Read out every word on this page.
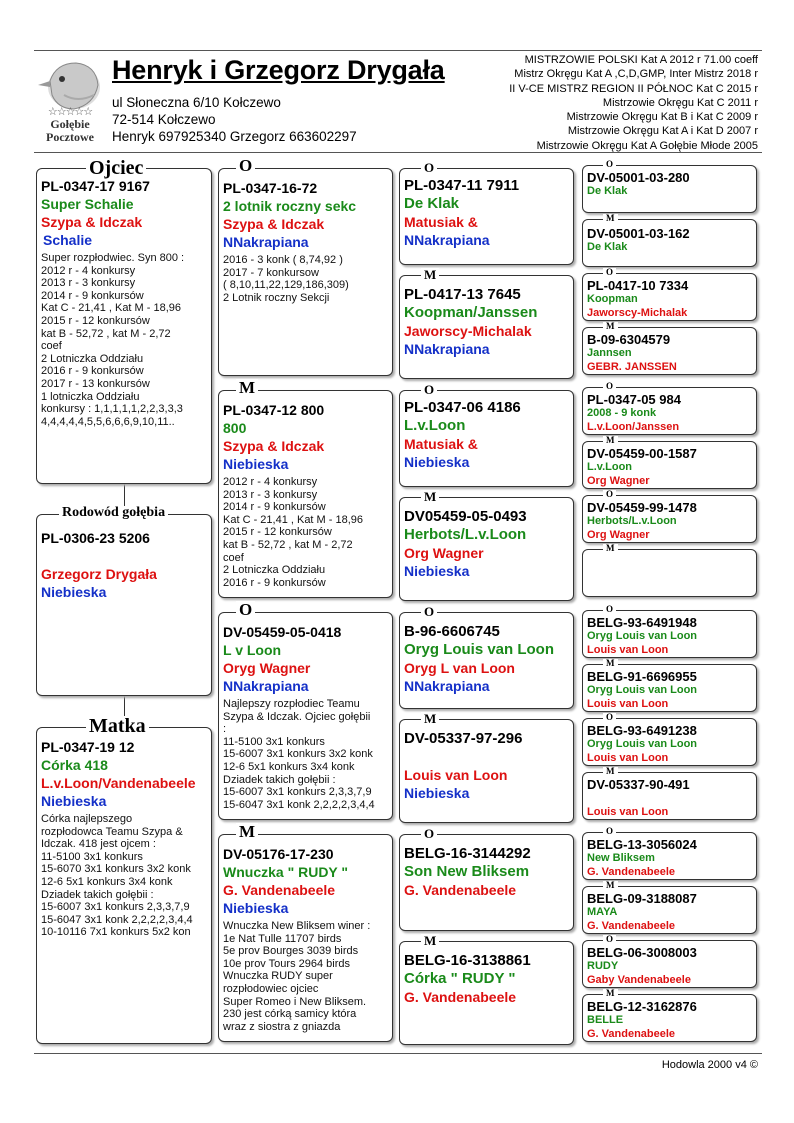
☆☆☆☆☆
Gołębie
Pocztowe
Henryk i Grzegorz Drygała
ul Słoneczna 6/10 Kołczewo
72-514 Kołczewo
Henryk 697925340 Grzegorz 663602297
MISTRZOWIE POLSKI Kat A 2012 r 71.00 coeff
Mistrz Okręgu Kat A ,C,D,GMP, Inter Mistrz 2018 r
II V-CE MISTRZ REGION II PÓŁNOC Kat C 2015 r
Mistrzowie Okręgu Kat C 2011 r
Mistrzowie Okręgu Kat B i Kat C 2009 r
Mistrzowie Okręgu Kat A i Kat D 2007 r
Mistrzowie Okręgu Kat A Gołębie Młode 2005
PL-0347-17 9167
Super Schalie
Szypa & Idczak
Schalie
Super rozpłodwiec. Syn 800 :
2012 r - 4 konkursy
2013 r - 3 konkursy
2014 r - 9 konkursów
Kat C - 21,41 , Kat M - 18,96
2015 r - 12 konkursów
kat B - 52,72 , kat M - 2,72
coef
2 Lotniczka Oddziału
2016 r - 9 konkursów
2017 r - 13 konkursów
1 lotniczka Oddziału
konkursy : 1,1,1,1,1,2,2,3,3,3
4,4,4,4,4,5,5,6,6,6,9,10,11..
Ojciec
PL-0306-23 5206
Grzegorz Drygała
Niebieska
Rodowód gołębia
PL-0347-19 12
Córka 418
L.v.Loon/Vandenabeele
Niebieska
Córka najlepszego
rozpłodowca Teamu Szypa &
Idczak. 418 jest ojcem :
11-5100 3x1 konkurs
15-6070 3x1 konkurs 3x2 konk
12-6 5x1 konkurs 3x4 konk
Dziadek takich gołębii :
15-6007 3x1 konkurs 2,3,3,7,9
15-6047 3x1 konk 2,2,2,2,3,4,4
10-10116 7x1 konkurs 5x2 kon
Matka
PL-0347-16-72
2 lotnik roczny sekc
Szypa & Idczak
NNakrapiana
2016 - 3 konk ( 8,74,92 )
2017 - 7 konkursow
( 8,10,11,22,129,186,309)
2 Lotnik roczny Sekcji
O
PL-0347-12 800
800
Szypa & Idczak
Niebieska
2012 r - 4 konkursy
2013 r - 3 konkursy
2014 r - 9 konkursów
Kat C - 21,41 , Kat M - 18,96
2015 r - 12 konkursów
kat B - 52,72 , kat M - 2,72
coef
2 Lotniczka Oddziału
2016 r - 9 konkursów
M
DV-05459-05-0418
L v Loon
Oryg Wagner
NNakrapiana
Najlepszy rozpłodiec Teamu
Szypa & Idczak. Ojciec gołębii
:
11-5100 3x1 konkurs
15-6007 3x1 konkurs 3x2 konk
12-6 5x1 konkurs 3x4 konk
Dziadek takich gołębii :
15-6007 3x1 konkurs 2,3,3,7,9
15-6047 3x1 konk 2,2,2,2,3,4,4
O
DV-05176-17-230
Wnuczka " RUDY "
G. Vandenabeele
Niebieska
Wnuczka New Bliksem winer :
1e Nat Tulle 11707 birds
5e prov Bourges 3039 birds
10e prov Tours 2964 birds
Wnuczka RUDY super
rozpłodowiec ojciec
Super Romeo i New Bliksem.
230 jest córką samicy która
wraz z siostra z gniazda
M
PL-0347-11 7911
De Klak
Matusiak &
NNakrapiana
O
PL-0417-13 7645
Koopman/Janssen
Jaworscy-Michalak
NNakrapiana
M
PL-0347-06 4186
L.v.Loon
Matusiak &
Niebieska
O
DV05459-05-0493
Herbots/L.v.Loon
Org Wagner
Niebieska
M
B-96-6606745
Oryg Louis van Loon
Oryg L van Loon
NNakrapiana
O
DV-05337-97-296
Louis van Loon
Niebieska
M
BELG-16-3144292
Son New Bliksem
G. Vandenabeele
O
BELG-16-3138861
Córka " RUDY "
G. Vandenabeele
M
DV-05001-03-280
De Klak
O
DV-05001-03-162
De Klak
M
PL-0417-10 7334
Koopman
Jaworscy-Michalak
O
B-09-6304579
Jannsen
GEBR. JANSSEN
M
PL-0347-05 984
2008 - 9 konk
L.v.Loon/Janssen
O
DV-05459-00-1587
L.v.Loon
Org Wagner
M
DV-05459-99-1478
Herbots/L.v.Loon
Org Wagner
O
M
BELG-93-6491948
Oryg Louis van Loon
Louis van Loon
O
BELG-91-6696955
Oryg Louis van Loon
Louis van Loon
M
BELG-93-6491238
Oryg Louis van Loon
Louis van Loon
O
DV-05337-90-491
Louis van Loon
M
BELG-13-3056024
New Bliksem
G. Vandenabeele
O
BELG-09-3188087
MAYA
G. Vandenabeele
M
BELG-06-3008003
RUDY
Gaby Vandenabeele
O
BELG-12-3162876
BELLE
G. Vandenabeele
M
Hodowla 2000 v4 ©
